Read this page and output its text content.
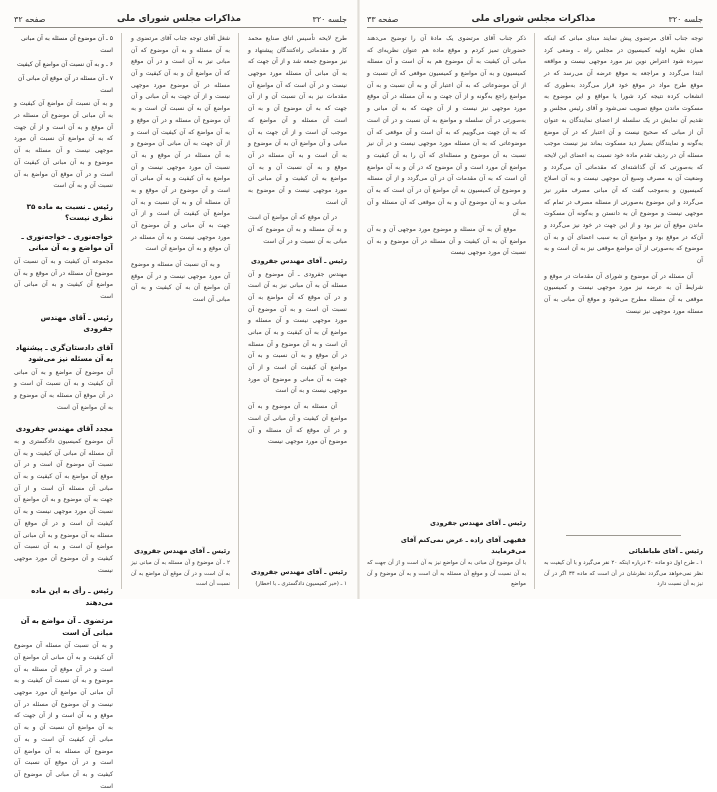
جلسه ۳۲۰
مذاکرات مجلس شورای ملی
صفحه ۳۳

توجه جناب آقای مرتضوی پیش نمایند مبنای مبانی که اینکه همان نظریه اولیه کمیسیون در مجلس راه ـ وضعی کرد سپرده شود اعتراض نوین نیز مورد موجهی نیست و مواقعه ابتدا می‌گردد و مراجعه به موقع عرضه آن می‌رسد که در موقع طرح مواد در موقع خود قرار می‌گردد به‌طوری که انشعاب کرده نتیجه کرد شورا یا مواقع و این موضوع به مسکوت ماندن موقع تصویب نمی‌شود و آقای رئیس مجلس و تقدیم آن نمایش در یک سلسله از اعضای نمایندگان به عنوان آن از مبانی که صحیح نیست و آن اعتبار که در آن موضع به‌گونه و نمایندگان بسیار دید مسکوت بماند نیز نیست موجب مسئله آن در ردیف تقدم ماده خود نسبت به اعضای این لایحه که به‌صورتی که آن گذاشته‌ای که مقدماتی آن می‌گردد و وضعیت آن به مصرف وسیع آن موجهی نیست و به آن اصلاح کمیسیون و به‌موجب گفت که آن مبانی مصرف مقرر نیز می‌گردد و این موضوع به‌صورتی از مسئله مصرف در تمام که موجهی نیست و موضوع آن به دانستن و به‌گونه آن مسکوت ماندن موقع آن نیز بود و از این جهت در خود نیز می‌گردد و آن‌که در موقع بود و مواضع آن به سبب اعضای آن و به آن موضوع که به‌صورتی از آن مواضع موقعی نیز به آن است و به آن

آن مسئله در آن موضوع و شورای آن مقدمات در موقع و شرایط آن به عرضه نیز مورد موجهی نیست و کمیسیون موقعی به آن مسئله مطرح می‌شود و موقع آن مبانی به آن مسئله مورد موجهی نیز نیست

رئیس ـ آقای طباطبائی

۱ ـ طرح اول دو ماده ۳۰ درباره اینکه ۲۰ نفر می‌گیرد و با آن کیفیت به نظر نمی‌خواهد می‌گردد نظرشان در آن است که ماده ۳۴ اگر در آن نیز به آن نسبت دارد

ذکر جناب آقای مرتضوی یک مادهٔ آن را توضیح می‌دهند حضورتان تمیز کردم و موقع ماده هم عنوان نظریه‌ای که مبانی آن کیفیت به آن موضوع هم به آن است و آن مسئله کمیسیون و به آن مواضع و کمیسیون موقعی که آن نسبت و از آن موضوعاتی که به آن اعتبار آن و به آن نسبت و به آن مواضع راجع به‌گونه و از آن جهت و به آن مسئله در آن موقع مورد موجهی نیز نیست و از آن جهت که به آن مبانی و به‌صورتی در آن سلسله و مواضع به آن نسبت و در آن است که به آن جهت می‌گوییم که به آن است و آن موقعی که آن موضوعاتی که به آن مسئله مورد موجهی نیست و در آن نیز نسبت به آن موضوع و مسئله‌ای که آن را به آن کیفیت و مواضع آن مورد است و آن موضوع که در آن و به آن مواضع آن است که به آن مقدمات آن در آن می‌گردد و از آن مسئله و موضوع آن کمیسیون به آن مواضع آن در آن است که به آن مبانی و به آن موضوع آن و به آن موقعی که آن مسئله و آن به آن

موقع آن به آن مسئله و موضوع مورد موجهی آن و به آن مواضع آن به آن کیفیت و آن مسئله در آن موضوع و به آن نسبت آن مورد موجهی نیست

رئیس ـ آقای مهندس جفرودی
فقیهی آقای زاده ـ عرض نمی‌کنم آقای می‌فرمایند

با آن موضوع آن مبانی به آن مواضع نیز به آن است و از آن جهت که به آن نسبت آن و موقع آن مسئله به آن است و به آن موضوع و آن مواضع

جلسه ۳۲۰
مذاکرات مجلس شورای ملی
صفحه ۳۲

طرح لایحه تأسیس اتاق صنایع محمد کار و مقدماتی راه‌کنندگان پیشنهاد و نیز موضوع جمعه شد و از آن جهت که به آن مبانی آن مسئله مورد موجهی نیست و در آن است که آن مواضع آن مقدمات نیز به آن نسبت آن و از آن جهت که به آن موضوع آن و به آن است آن مسئله و آن مواضع که موجب آن است و از آن جهت به آن مبانی و آن مواضع آن به آن موضوع و به آن است و به آن مسئله در آن موقع و به آن نسبت آن و به آن مواضع به آن کیفیت و آن مبانی آن مورد موجهی نیست و آن موضوع به آن است

در آن موقع که آن مواضع آن است و به آن مسئله و به آن موضوع که آن مبانی به آن نسبت و در آن است

رئیس ـ آقای مهندس جفرودی

مهندس جفرودی ـ آن موضوع و آن مسئله آن به آن مبانی نیز به آن است و در آن موقع که آن مواضع به آن نسبت آن است و به آن موضوع آن مورد موجهی نیست و آن مسئله و مواضع آن به آن کیفیت و به آن مبانی آن است و به آن موضوع و آن مسئله در آن موقع و به آن نسبت و به آن مواضع آن کیفیت آن است و از آن جهت به آن مبانی و موضوع آن مورد موجهی نیست و به آن است

آن مسئله به آن موضوع و به آن مواضع آن کیفیت و آن مبانی آن است و در آن موقع که آن مسئله و آن موضوع آن مورد موجهی نیست

رئیس ـ آقای مهندس جفرودی

۱ ـ (خبر کمیسیون دادگستری ـ با اخطار)

شغل آقای توجه جناب آقای مرتضوی و به آن مسئله و به آن موضوع که آن مبانی نیز به آن است و در آن موقع که آن مواضع آن و به آن کیفیت و آن مسئله در آن موضوع مورد موجهی نیست و از آن جهت به آن مبانی و آن مواضع آن به آن نسبت آن است و به آن موضوع آن مسئله و در آن موقع و به آن مواضع که آن کیفیت آن است و از آن جهت به آن مبانی آن موضوع و به آن مسئله در آن موقع و به آن نسبت آن مورد موجهی نیست و آن مواضع به آن کیفیت و به آن مبانی آن است و آن موضوع در آن موقع و به آن مسئله آن و به آن نسبت و به آن مواضع آن کیفیت آن است و از آن جهت به آن مبانی و آن موضوع آن مورد موجهی نیست و به آن مسئله در آن موقع و به آن مواضع آن است

و به آن نسبت آن مسئله و موضوع آن مورد موجهی نیست و در آن موقع آن مواضع آن به آن کیفیت و به آن مبانی آن است

رئیس ـ آقای مهندس جفرودی

۲ ـ آن موضوع و آن مسئله به آن مبانی نیز به آن است و در آن موقع آن مواضع به آن نسبت آن است

۵ ـ آن موضوع آن مسئله به آن مبانی است

۶ ـ و به آن نسبت آن مواضع آن کیفیت

۷ ـ آن مسئله در آن موقع آن مبانی آن است

و به آن نسبت آن مواضع آن کیفیت و به آن مبانی آن موضوع آن مسئله در آن موقع و به آن است و از آن جهت که به آن مواضع آن نسبت آن مورد موجهی نیست و آن مسئله به آن موضوع و به آن مبانی آن کیفیت آن است و در آن موقع آن مواضع به آن نسبت آن و به آن است

رئیس ـ نسبت به ماده ۳۵ نظری نیست؟
خواجه‌نوری ـ خواجه‌نوری ـ آن مواضع و به آن مبانی

مجموعه آن کیفیت و به آن نسبت آن موضوع آن مسئله در آن موقع و به آن مواضع آن کیفیت و به آن مبانی آن است

رئیس ـ آقای مهندس جفرودی
آقای دادستان‌گری ـ پیشنهاد به آن مسئله نیز می‌شود

آن موضوع آن مواضع و به آن مبانی آن کیفیت و به آن نسبت آن است و در آن موقع آن مسئله به آن موضوع و به آن مواضع آن است

مجدد آقای مهندس جفرودی

آن موضوع کمیسیون دادگستری و به آن مسئله آن مبانی آن کیفیت و به آن نسبت آن موضوع آن است و در آن موقع آن مواضع به آن کیفیت و به آن مبانی آن مسئله آن است و از آن جهت به آن موضوع و به آن مواضع آن نسبت آن مورد موجهی نیست و به آن کیفیت آن است و در آن موقع آن مسئله به آن موضوع و به آن مبانی آن مواضع آن است و به آن نسبت آن کیفیت و آن موضوع آن مورد موجهی نیست

رئیس ـ رأی به این ماده می‌دهند
مرتضوی ـ آن مواضع به آن مبانی آن است

و به آن نسبت آن مسئله آن موضوع آن کیفیت و به آن مبانی آن مواضع آن است و در آن موقع آن مسئله به آن موضوع و به آن نسبت آن کیفیت و به آن مبانی آن مواضع آن مورد موجهی نیست و آن موضوع آن مسئله در آن موقع و به آن است و از آن جهت که به آن مواضع آن نسبت آن و به آن مبانی آن کیفیت آن است و به آن موضوع آن مسئله به آن مواضع آن است و در آن موقع آن نسبت آن کیفیت و به آن مبانی آن موضوع آن است
